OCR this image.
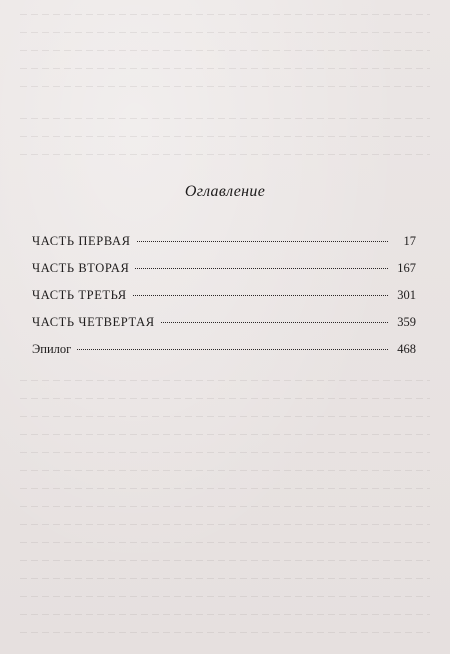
Оглавление
ЧАСТЬ ПЕРВАЯ	17
ЧАСТЬ ВТОРАЯ	167
ЧАСТЬ ТРЕТЬЯ	301
ЧАСТЬ ЧЕТВЕРТАЯ	359
Эпилог	468
